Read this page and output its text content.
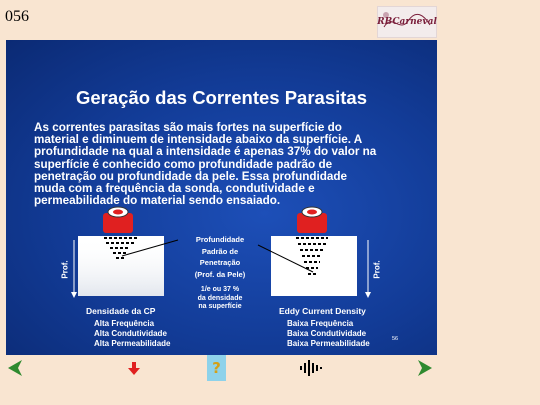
056	RBCarneval
Geração das Correntes Parasitas
As correntes parasitas são mais fortes na superfície do
material e diminuem de intensidade abaixo da superfície. A
profundidade na qual a intensidade é apenas 37% do valor na
superfície é conhecido como profundidade padrão de
penetração ou profundidade da pele. Essa profundidade
muda com a frequência da sonda, condutividade e
permeabilidade do material sendo ensaiado.
Prof.	Prof.
Profundidade
Padrão de
Penetração
(Prof. da Pele)
1/e ou 37 %
da densidade
na superfície
Densidade da CP
Alta Frequência
Alta Condutividade
Alta Permeabilidade
Eddy Current Density
Baixa Frequência
Baixa Condutividade
Baixa Permeabilidade	56
?
